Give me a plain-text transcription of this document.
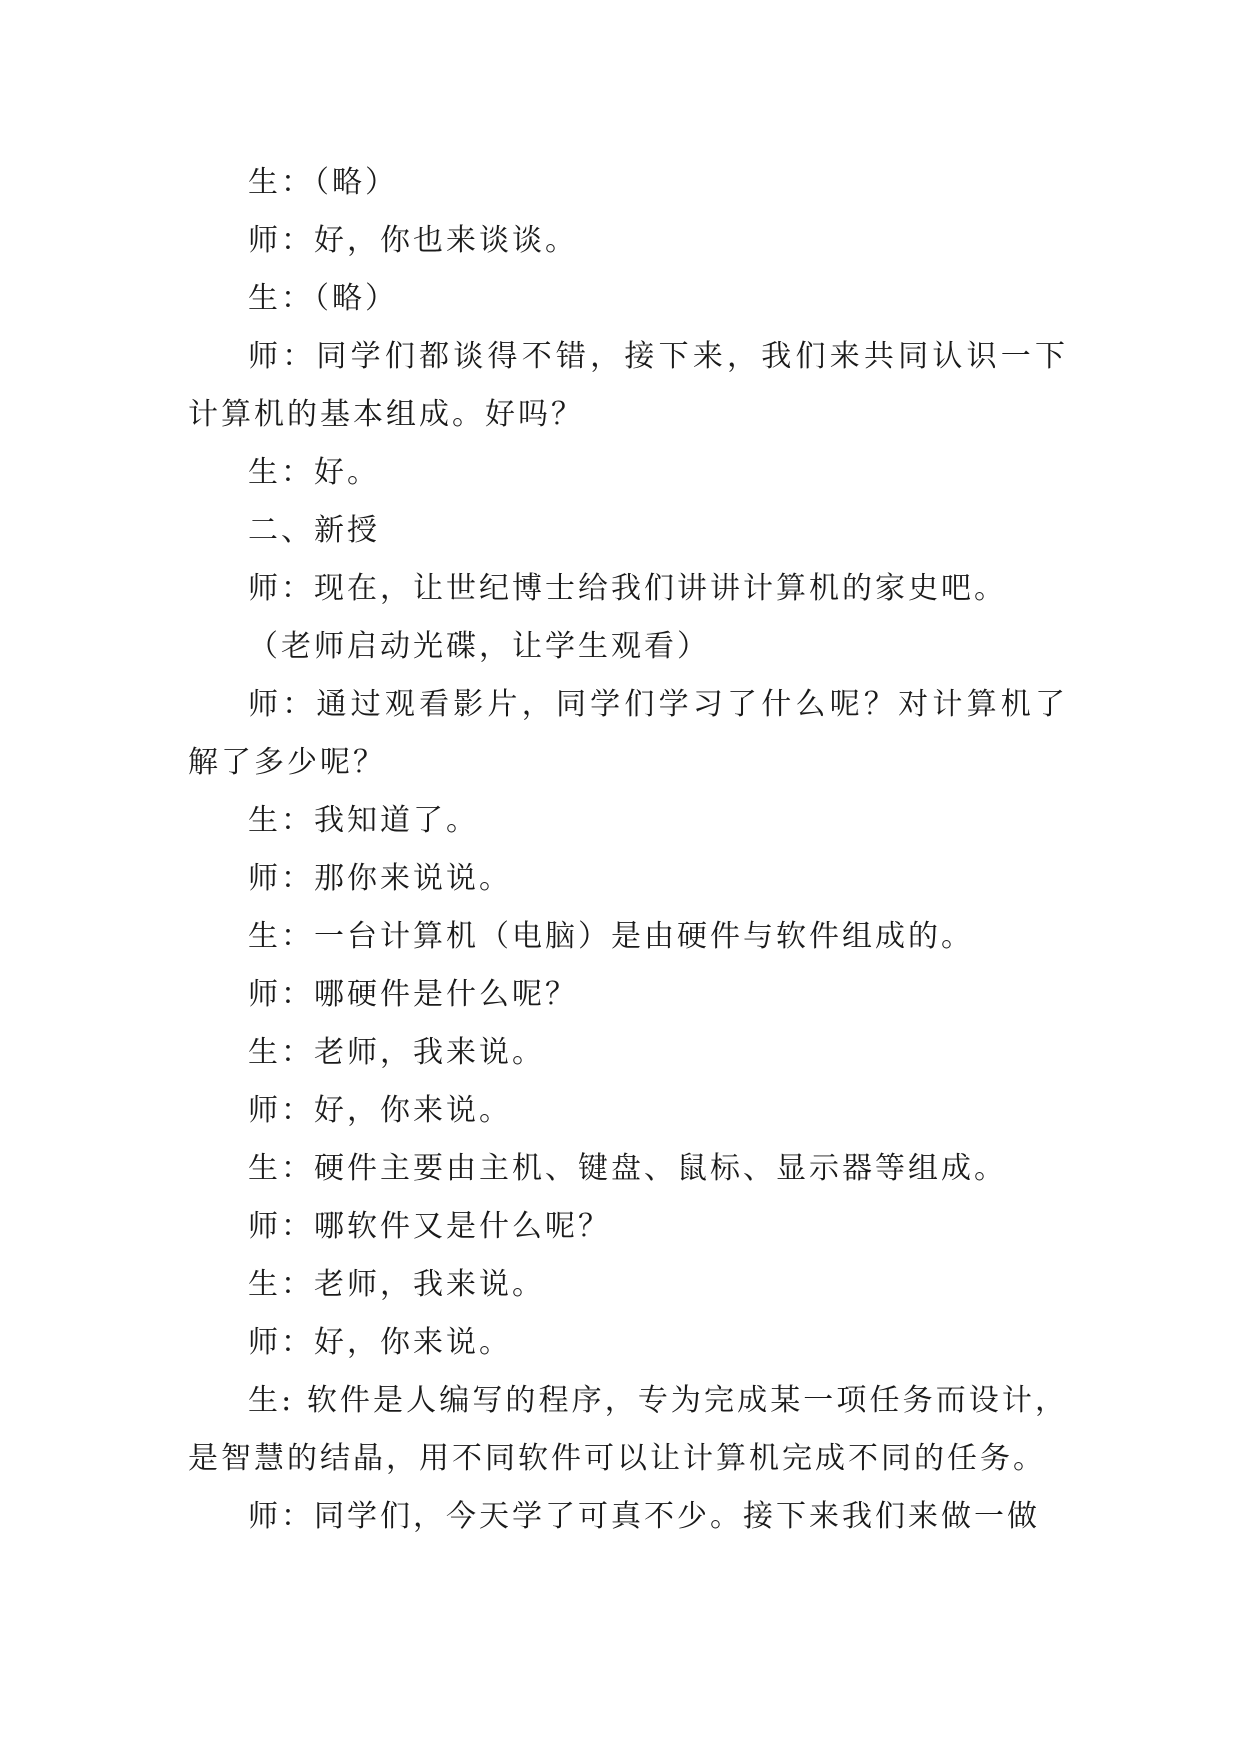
生：（略）

师：好，你也来谈谈。

生：（略）

师：同学们都谈得不错，接下来，我们来共同认识一下计算机的基本组成。好吗？

生：好。

二、新授

师：现在，让世纪博士给我们讲讲计算机的家史吧。

（老师启动光碟，让学生观看）

师：通过观看影片，同学们学习了什么呢？对计算机了解了多少呢？

生：我知道了。

师：那你来说说。

生：一台计算机（电脑）是由硬件与软件组成的。

师：哪硬件是什么呢？

生：老师，我来说。

师：好，你来说。

生：硬件主要由主机、键盘、鼠标、显示器等组成。

师：哪软件又是什么呢？

生：老师，我来说。

师：好，你来说。

生: 软件是人编写的程序，专为完成某一项任务而设计，是智慧的结晶，用不同软件可以让计算机完成不同的任务。

师：同学们，今天学了可真不少。接下来我们来做一做
